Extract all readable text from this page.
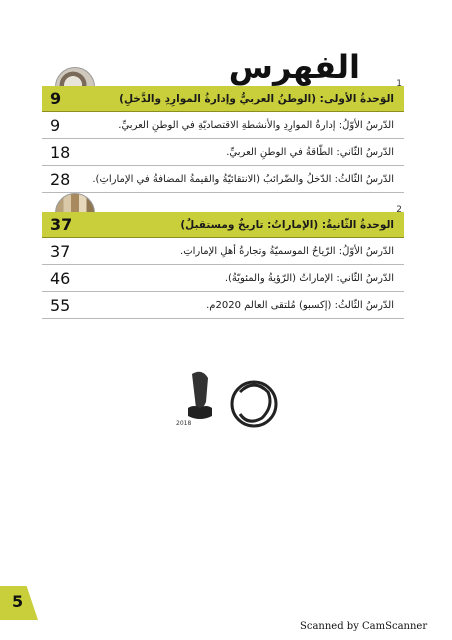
الفهرس	1
الوَحدةُ الأولى: (الوطنُ العربيُّ وإدارةُ الموارِدِ والدَّخلِ)
9
الدّرسُ الأوّلُ: إدارةُ الموارِدِ والأنشطةِ الاقتصاديّةِ في الوطنِ العربيِّ.
9
الدّرسُ الثّاني: الطّاقةُ في الوطنِ العربيِّ.
18
الدّرسُ الثّالثُ: الدّخلُ والضّرائبُ (الانتقائيّةُ والقيمةُ المضافةُ في الإماراتِ).
28
2
الوحدةُ الثّانيةُ: (الإماراتُ: تاريخٌ ومستقبلٌ)
37
الدّرسُ الأوّلُ: الرّياحُ الموسميّةُ وتجارةُ أهلِ الإماراتِ.
37
الدّرسُ الثّاني: الإماراتُ (الرّؤيةُ والمئويّةُ).
46
الدّرسُ الثّالثُ: (إكسبو) مُلتقى العالم 2020م.
55
2018
5
Scanned by CamScanner
